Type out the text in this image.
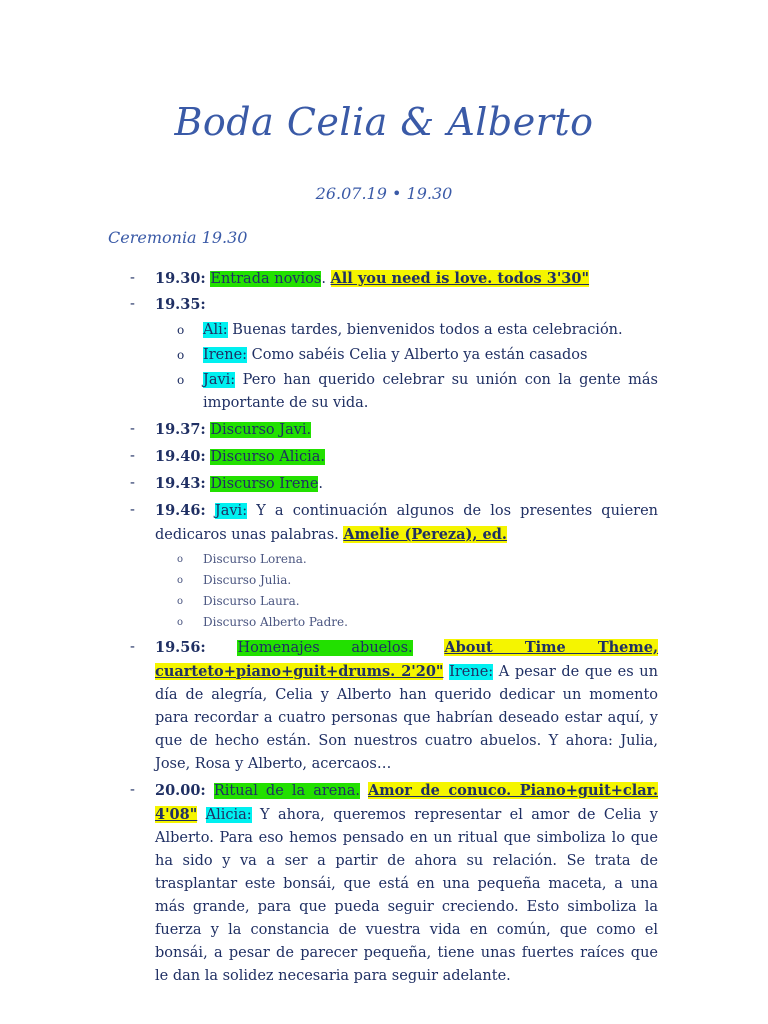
Boda Celia & Alberto
26.07.19 • 19.30
Ceremonia 19.30
- 19.30: Entrada novios. All you need is love. todos 3'30"
- 19.35:
o Ali: Buenas tardes, bienvenidos todos a esta celebración.
o Irene: Como sabéis Celia y Alberto ya están casados
o Javi: Pero han querido celebrar su unión con la gente más importante de su vida.
- 19.37: Discurso Javi.
- 19.40: Discurso Alicia.
- 19.43: Discurso Irene.
- 19.46: Javi: Y a continuación algunos de los presentes quieren dedicaros unas palabras. Amelie (Pereza), ed.
o Discurso Lorena.
o Discurso Julia.
o Discurso Laura.
o Discurso Alberto Padre.
- 19.56: Homenajes abuelos. About Time Theme, cuarteto+piano+guit+drums. 2'20" Irene: A pesar de que es un día de alegría, Celia y Alberto han querido dedicar un momento para recordar a cuatro personas que habrían deseado estar aquí, y que de hecho están. Son nuestros cuatro abuelos. Y ahora: Julia, Jose, Rosa y Alberto, acercaos…
- 20.00: Ritual de la arena. Amor de conuco. Piano+guit+clar. 4'08" Alicia: Y ahora, queremos representar el amor de Celia y Alberto. Para eso hemos pensado en un ritual que simboliza lo que ha sido y va a ser a partir de ahora su relación. Se trata de trasplantar este bonsái, que está en una pequeña maceta, a una más grande, para que pueda seguir creciendo. Esto simboliza la fuerza y la constancia de vuestra vida en común, que como el bonsái, a pesar de parecer pequeña, tiene unas fuertes raíces que le dan la solidez necesaria para seguir adelante.
